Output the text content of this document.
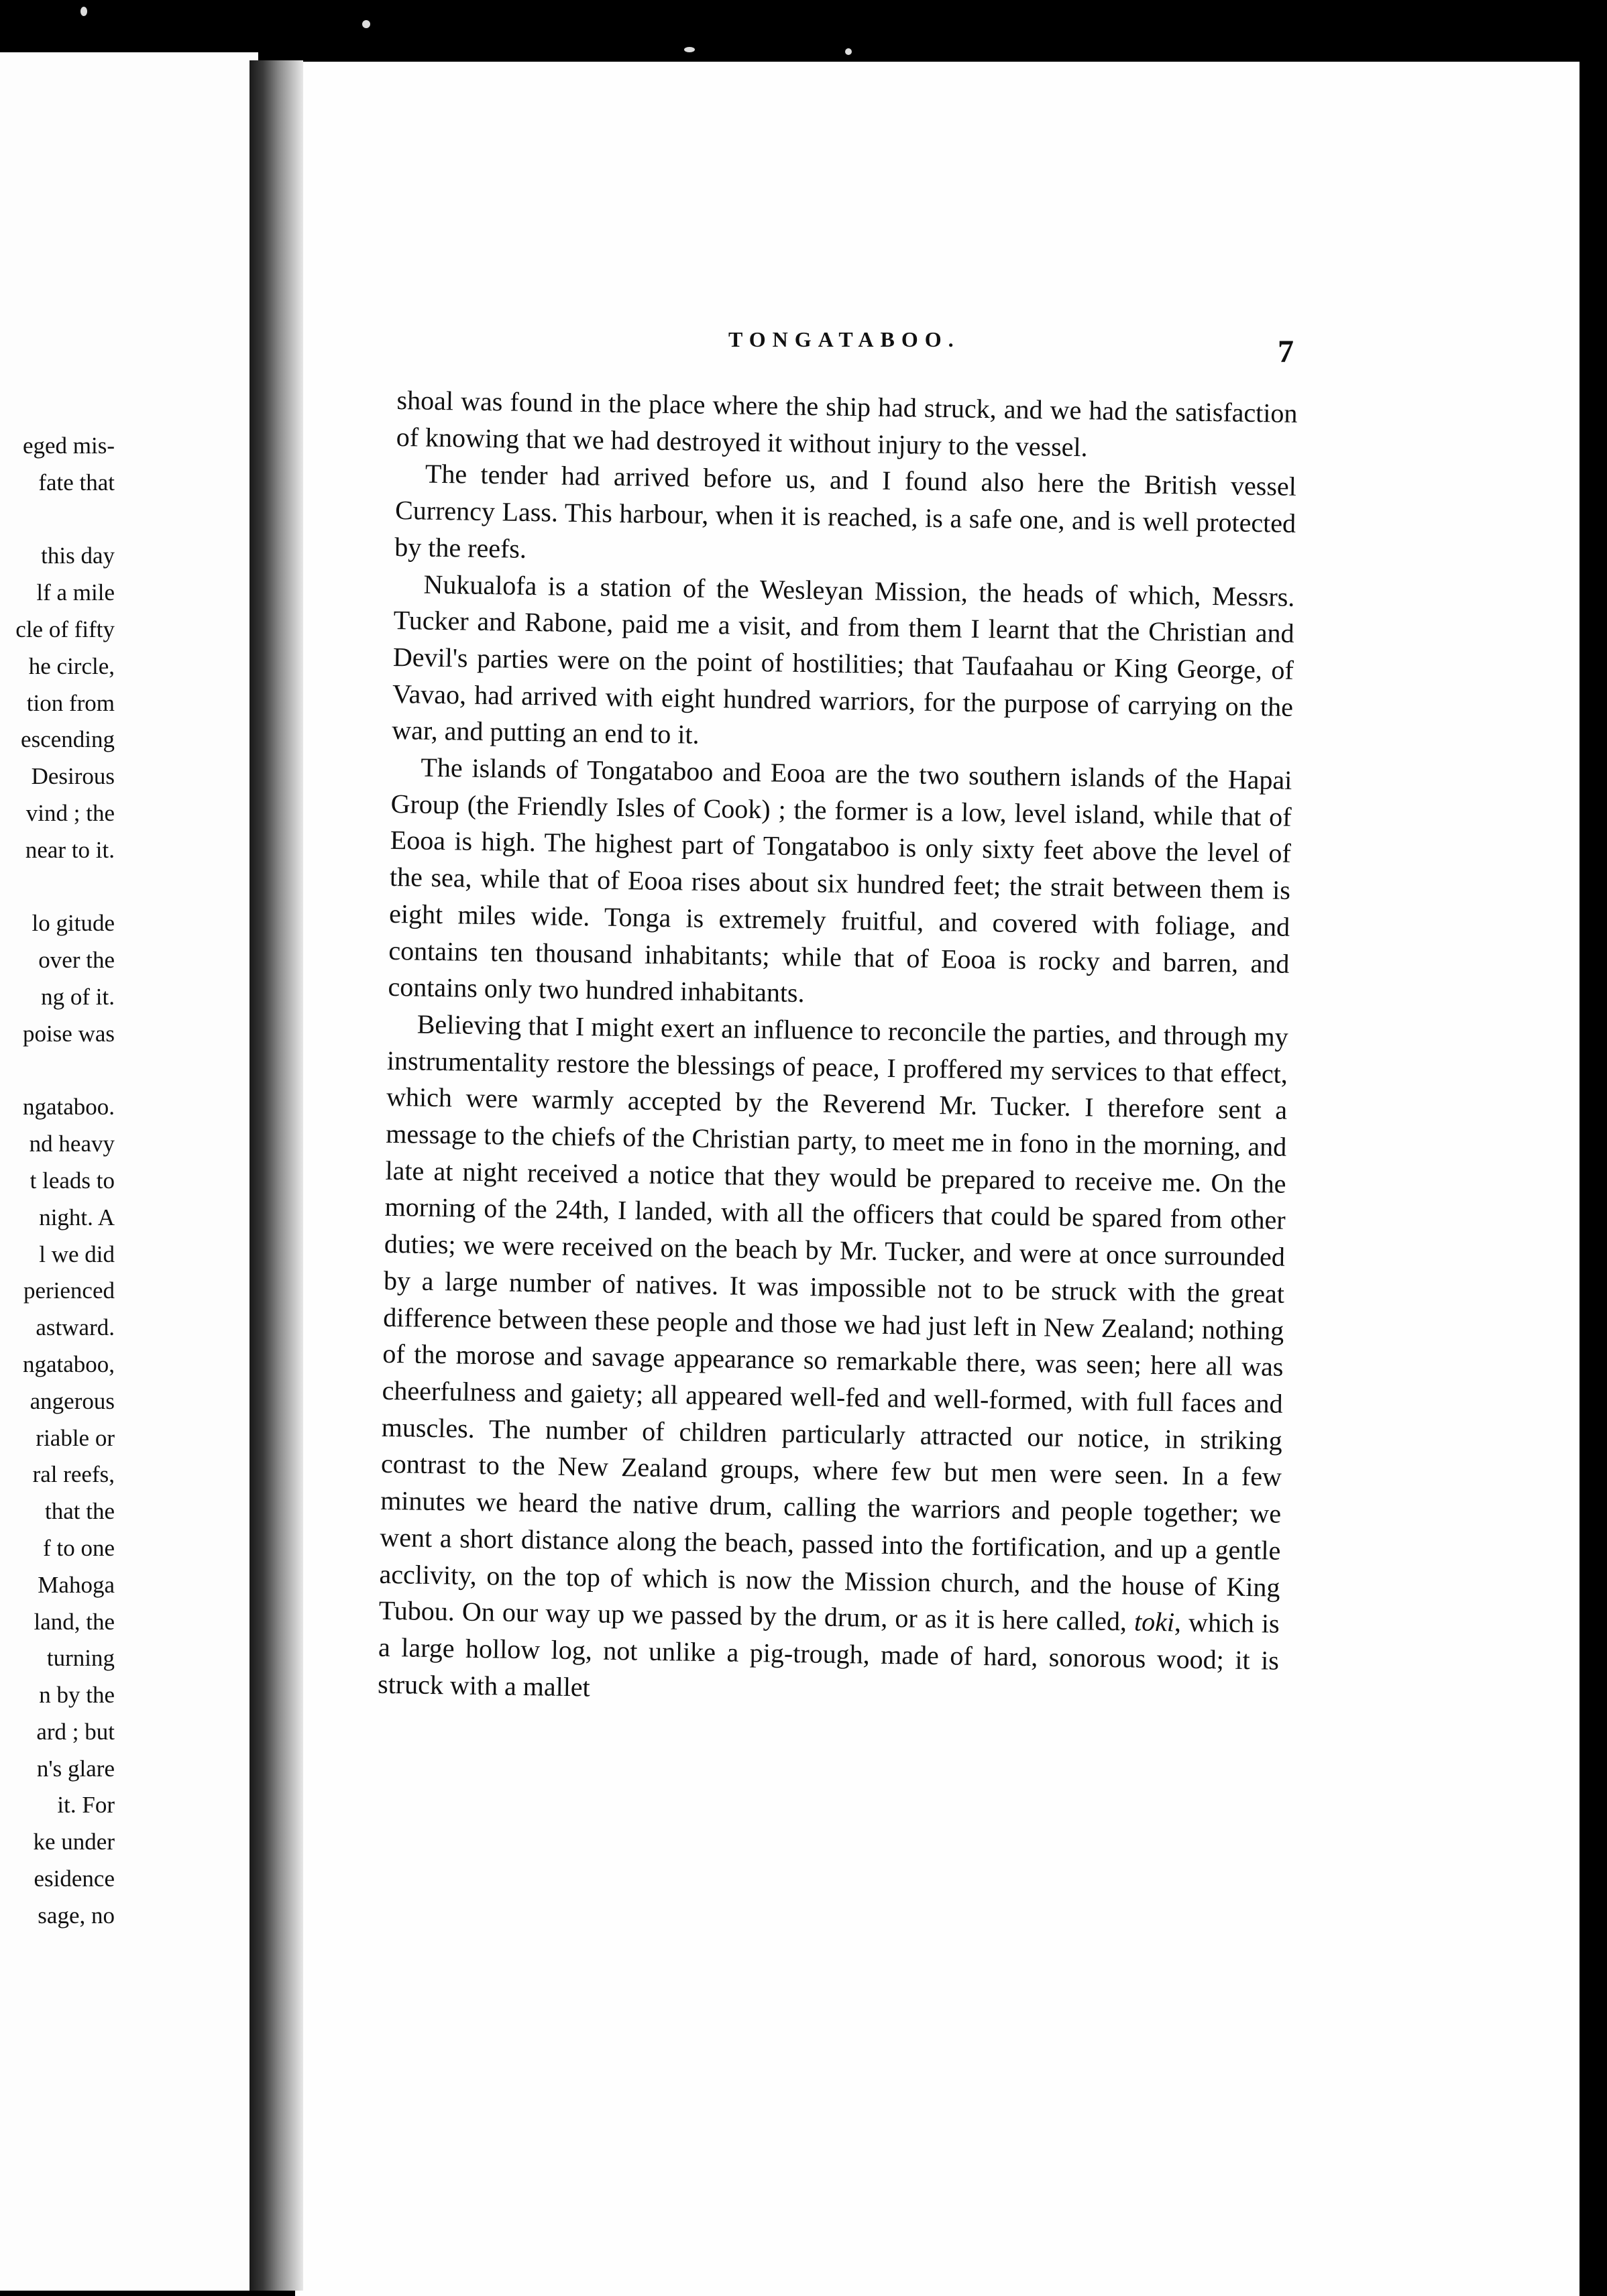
eged mis-
fate that
this day
lf a mile
cle of fifty
he circle,
tion from
escending
Desirous
vind ; the
near to it.
lo gitude
over the
ng of it.
poise was
ngataboo.
nd heavy
t leads to
night. A
l we did
perienced
astward.
ngataboo,
angerous
riable or
ral reefs,
that the
f to one
Mahoga
land, the
turning
n by the
ard ; but
n's glare
it. For
ke under
esidence
sage, no
TONGATABOO.	7

shoal was found in the place where the ship had struck, and we had the satisfaction of knowing that we had destroyed it without injury to the vessel.

The tender had arrived before us, and I found also here the British vessel Currency Lass. This harbour, when it is reached, is a safe one, and is well protected by the reefs.

Nukualofa is a station of the Wesleyan Mission, the heads of which, Messrs. Tucker and Rabone, paid me a visit, and from them I learnt that the Christian and Devil's parties were on the point of hostilities; that Taufaahau or King George, of Vavao, had arrived with eight hundred warriors, for the purpose of carrying on the war, and putting an end to it.

The islands of Tongataboo and Eooa are the two southern islands of the Hapai Group (the Friendly Isles of Cook) ; the former is a low, level island, while that of Eooa is high. The highest part of Tongataboo is only sixty feet above the level of the sea, while that of Eooa rises about six hundred feet; the strait between them is eight miles wide. Tonga is extremely fruitful, and covered with foliage, and contains ten thousand inhabitants; while that of Eooa is rocky and barren, and contains only two hundred inhabitants.

Believing that I might exert an influence to reconcile the parties, and through my instrumentality restore the blessings of peace, I proffered my services to that effect, which were warmly accepted by the Reverend Mr. Tucker. I therefore sent a message to the chiefs of the Christian party, to meet me in fono in the morning, and late at night received a notice that they would be prepared to receive me. On the morning of the 24th, I landed, with all the officers that could be spared from other duties; we were received on the beach by Mr. Tucker, and were at once surrounded by a large number of natives. It was impossible not to be struck with the great difference between these people and those we had just left in New Zealand; nothing of the morose and savage appearance so remarkable there, was seen; here all was cheerfulness and gaiety; all appeared well-fed and well-formed, with full faces and muscles. The number of children particularly attracted our notice, in striking contrast to the New Zealand groups, where few but men were seen. In a few minutes we heard the native drum, calling the warriors and people together; we went a short distance along the beach, passed into the fortification, and up a gentle acclivity, on the top of which is now the Mission church, and the house of King Tubou. On our way up we passed by the drum, or as it is here called, toki, which is a large hollow log, not unlike a pig-trough, made of hard, sonorous wood; it is struck with a mallet
